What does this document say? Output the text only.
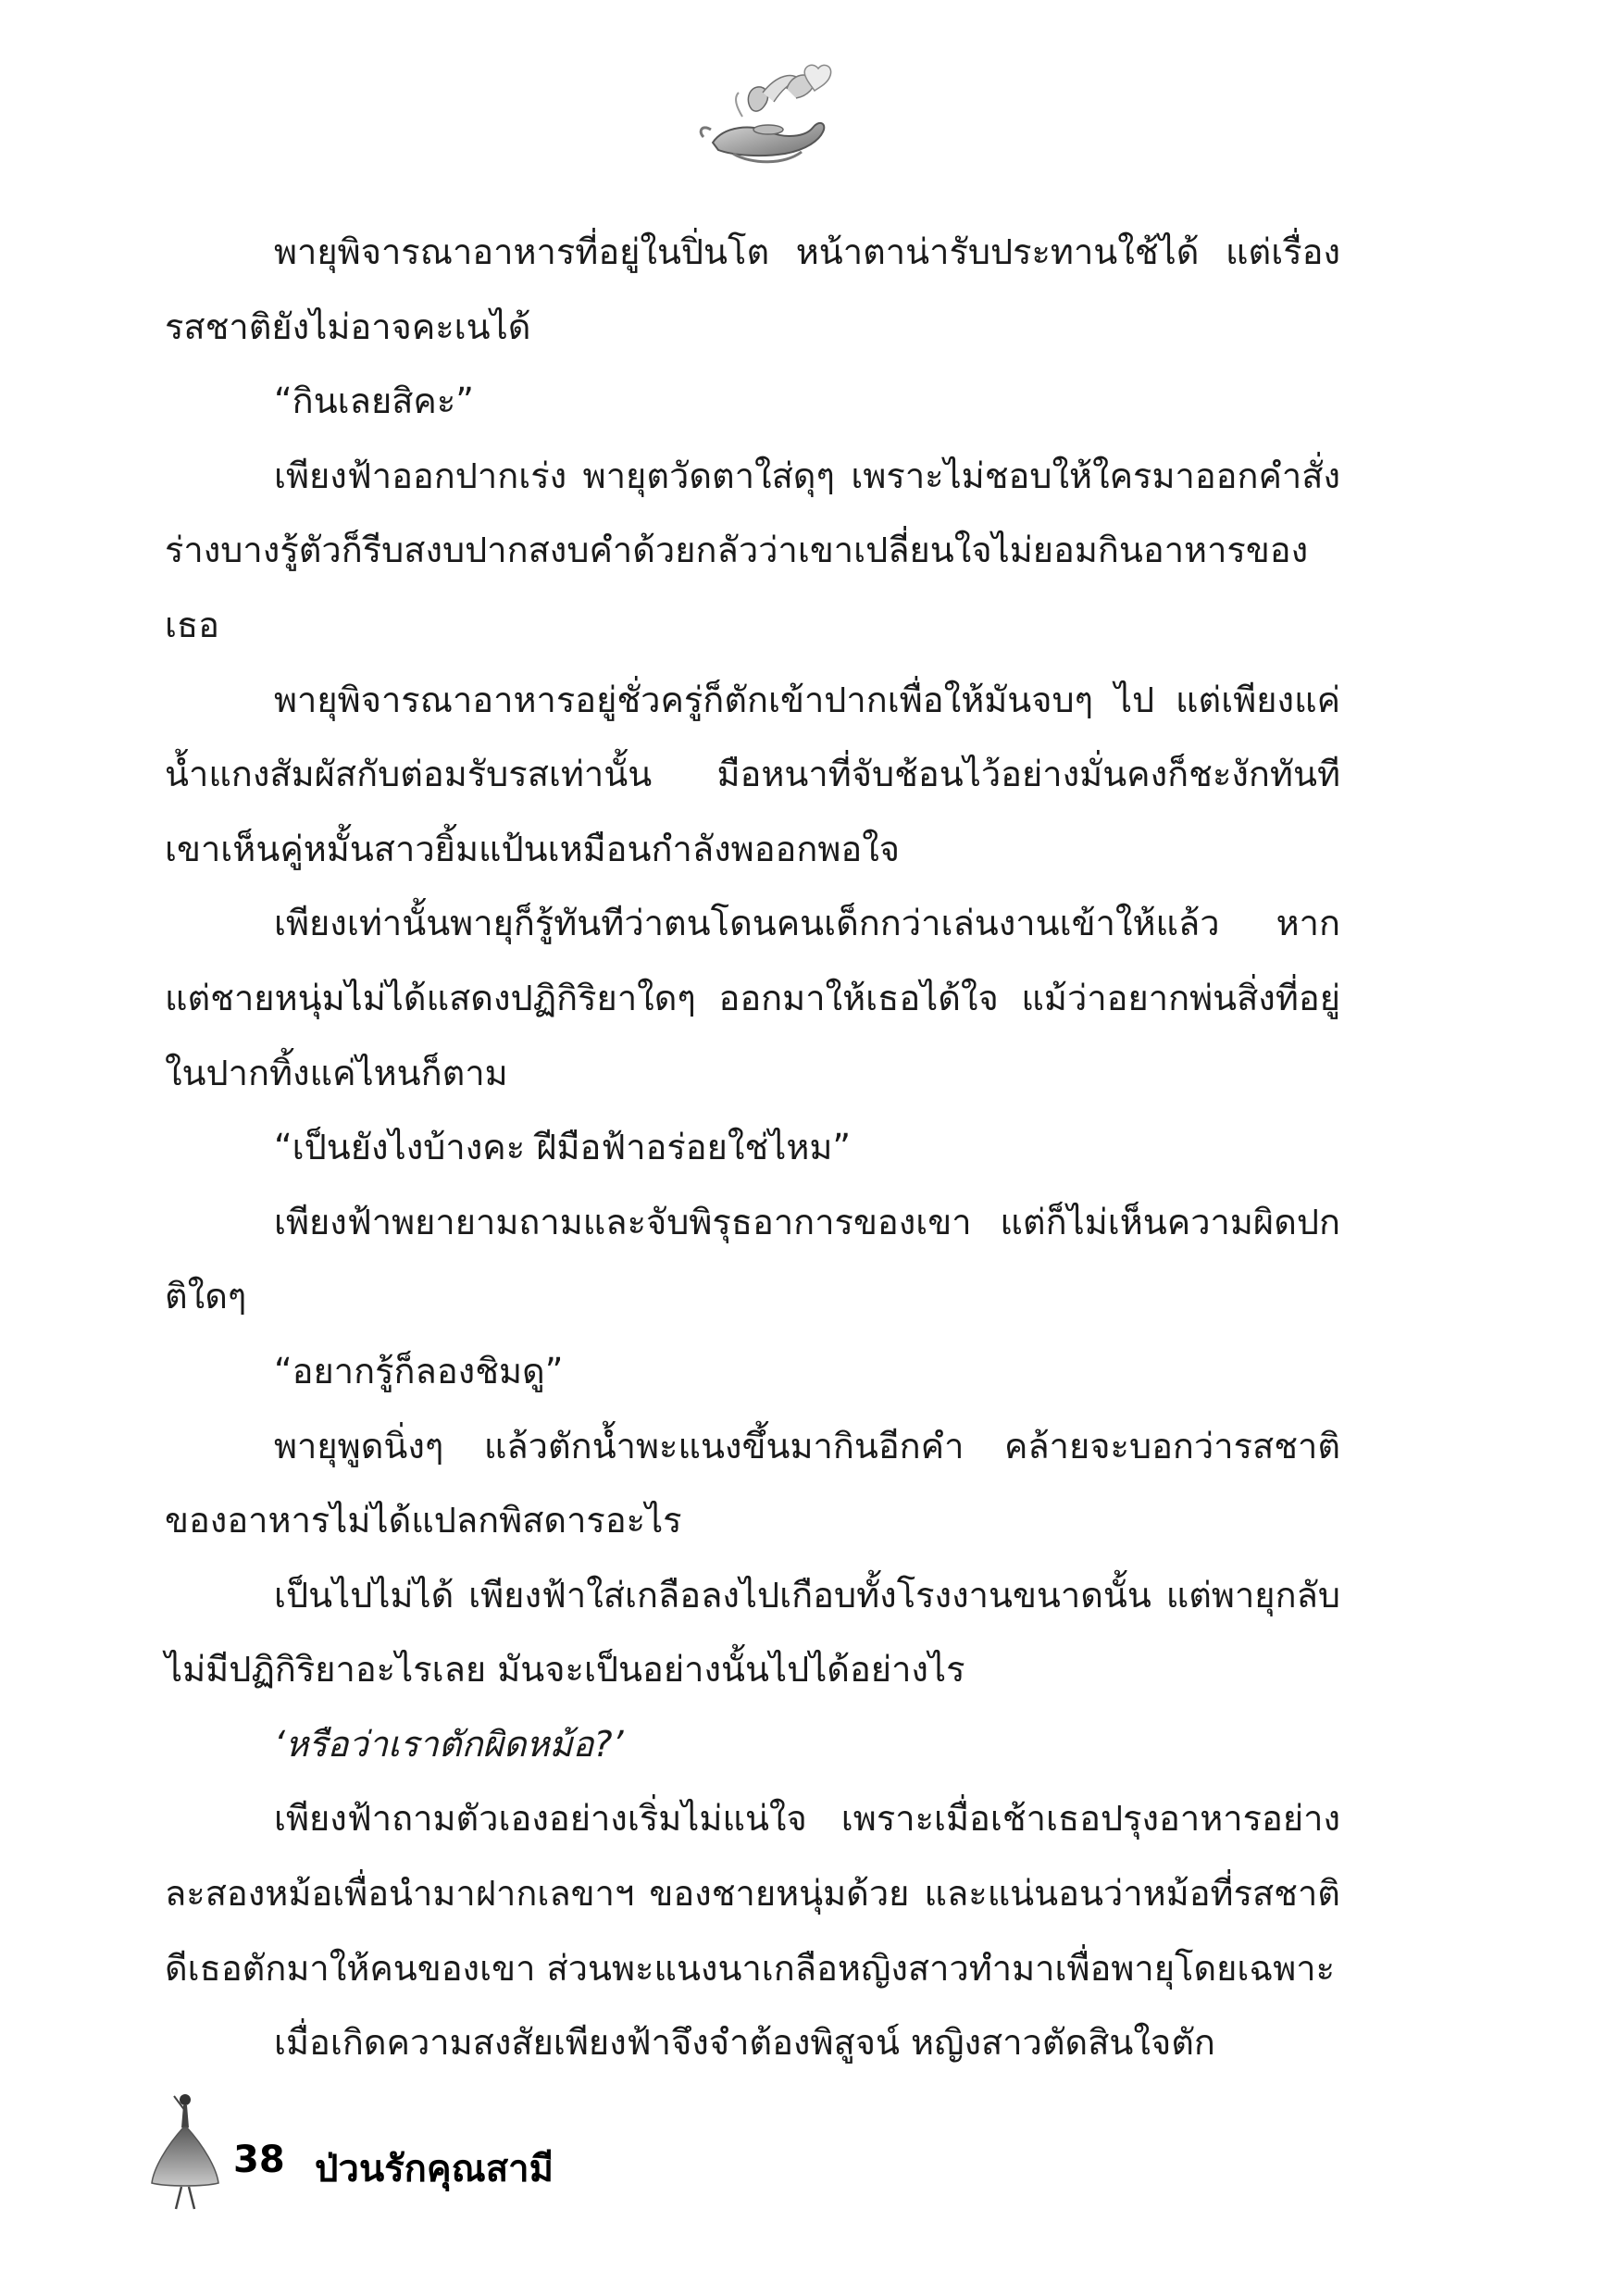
พายุพิจารณาอาหารที่อยู่ในปิ่นโต หน้าตาน่ารับประทานใช้ได้ แต่เรื่องรสชาติยังไม่อาจคะเนได้

“กินเลยสิคะ”

เพียงฟ้าออกปากเร่ง พายุตวัดตาใส่ดุๆ เพราะไม่ชอบให้ใครมาออกคำสั่ง ร่างบางรู้ตัวก็รีบสงบปากสงบคำด้วยกลัวว่าเขาเปลี่ยนใจไม่ยอมกินอาหารของเธอ

พายุพิจารณาอาหารอยู่ชั่วครู่ก็ตักเข้าปากเพื่อให้มันจบๆ ไป แต่เพียงแค่น้ำแกงสัมผัสกับต่อมรับรสเท่านั้น มือหนาที่จับช้อนไว้อย่างมั่นคงก็ชะงักทันที เขาเห็นคู่หมั้นสาวยิ้มแป้นเหมือนกำลังพออกพอใจ

เพียงเท่านั้นพายุก็รู้ทันทีว่าตนโดนคนเด็กกว่าเล่นงานเข้าให้แล้ว หากแต่ชายหนุ่มไม่ได้แสดงปฏิกิริยาใดๆ ออกมาให้เธอได้ใจ แม้ว่าอยากพ่นสิ่งที่อยู่ในปากทิ้งแค่ไหนก็ตาม

“เป็นยังไงบ้างคะ ฝีมือฟ้าอร่อยใช่ไหม”

เพียงฟ้าพยายามถามและจับพิรุธอาการของเขา แต่ก็ไม่เห็นความผิดปกติใดๆ

“อยากรู้ก็ลองชิมดู”

พายุพูดนิ่งๆ แล้วตักน้ำพะแนงขึ้นมากินอีกคำ คล้ายจะบอกว่ารสชาติของอาหารไม่ได้แปลกพิสดารอะไร

เป็นไปไม่ได้ เพียงฟ้าใส่เกลือลงไปเกือบทั้งโรงงานขนาดนั้น แต่พายุกลับไม่มีปฏิกิริยาอะไรเลย มันจะเป็นอย่างนั้นไปได้อย่างไร

‘หรือว่าเราตักผิดหม้อ?’

เพียงฟ้าถามตัวเองอย่างเริ่มไม่แน่ใจ เพราะเมื่อเช้าเธอปรุงอาหารอย่างละสองหม้อเพื่อนำมาฝากเลขาฯ ของชายหนุ่มด้วย และแน่นอนว่าหม้อที่รสชาติดีเธอตักมาให้คนของเขา ส่วนพะแนงนาเกลือหญิงสาวทำมาเพื่อพายุโดยเฉพาะ

เมื่อเกิดความสงสัยเพียงฟ้าจึงจำต้องพิสูจน์ หญิงสาวตัดสินใจตัก

38 ป่วนรักคุณสามี
